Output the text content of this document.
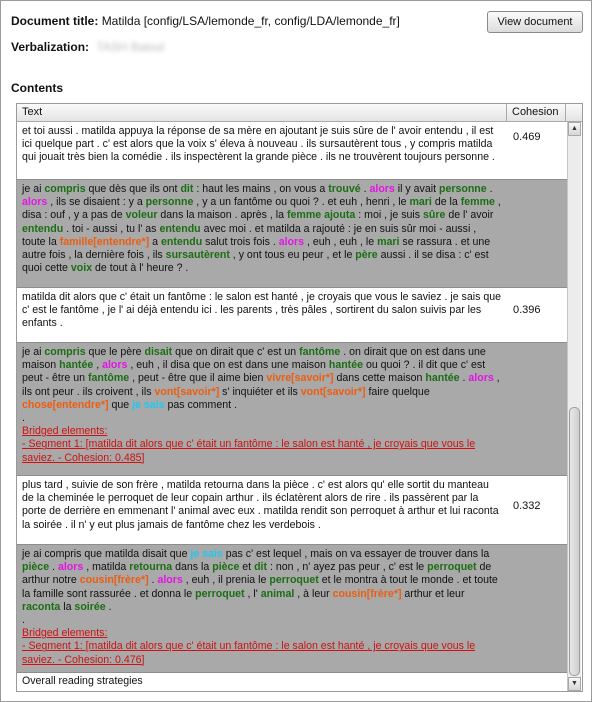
Document title: Matilda [config/LSA/lemonde_fr, config/LDA/lemonde_fr]
Verbalization: TASH Baloul
View document
Contents
Text	Cohesion
et toi aussi . matilda appuya la réponse de sa mère en ajoutant je suis sûre de l' avoir entendu , il est ici quelque part . c' est alors que la voix s' éleva à nouveau . ils sursautèrent tous , y compris matilda qui jouait très bien la comédie . ils inspectèrent la grande pièce . ils ne trouvèrent toujours personne .
0.469
je ai compris que dès que ils ont dit : haut les mains , on vous a trouvé . alors il y avait personne . alors , ils se disaient : y a personne , y a un fantôme ou quoi ? . et euh , henri , le mari de la femme , disa : ouf , y a pas de voleur dans la maison . après , la femme ajouta : moi , je suis sûre de l' avoir entendu . toi - aussi , tu l' as entendu avec moi . et matilda a rajouté : je en suis sûr moi - aussi , toute la famille[entendre*] a entendu salut trois fois . alors , euh , euh , le mari se rassura . et une autre fois , la dernière fois , ils sursautèrent , y ont tous eu peur , et le père aussi . il se disa : c' est quoi cette voix de tout à l' heure ? .
matilda dit alors que c' était un fantôme : le salon est hanté , je croyais que vous le saviez . je sais que c' est le fantôme , je l' ai déjà entendu ici . les parents , très pâles , sortirent du salon suivis par les enfants .
0.396
je ai compris que le père disait que on dirait que c' est un fantôme . on dirait que on est dans une maison hantée , alors , euh , il disa que on est dans une maison hantée ou quoi ? . il dit que c' est peut - être un fantôme , peut - être que il aime bien vivre[savoir*] dans cette maison hantée . alors , ils ont peur . ils croivent , ils vont[savoir*] s' inquiéter et ils vont[savoir*] faire quelque chose[entendre*] que je sais pas comment .
.
Bridged elements:
- Segment 1: [matilda dit alors que c' était un fantôme : le salon est hanté , je croyais que vous le saviez. - Cohesion: 0.485]
plus tard , suivie de son frère , matilda retourna dans la pièce . c' est alors qu' elle sortit du manteau de la cheminée le perroquet de leur copain arthur . ils éclatèrent alors de rire . ils passèrent par la porte de derrière en emmenant l' animal avec eux . matilda rendit son perroquet à arthur et lui raconta la soirée . il n' y eut plus jamais de fantôme chez les verdebois .
0.332
je ai compris que matilda disait que je sais pas c' est lequel , mais on va essayer de trouver dans la pièce . alors , matilda retourna dans la pièce et dit : non , n' ayez pas peur , c' est le perroquet de arthur notre cousin[frère*] . alors , euh , il prenia le perroquet et le montra à tout le monde . et toute la famille sont rassurée . et donna le perroquet , l' animal , à leur cousin[frère*] arthur et leur raconta la soirée .
.
Bridged elements:
- Segment 1: [matilda dit alors que c' était un fantôme : le salon est hanté , je croyais que vous le saviez. - Cohesion: 0.476]
Overall reading strategies
▲
▼
